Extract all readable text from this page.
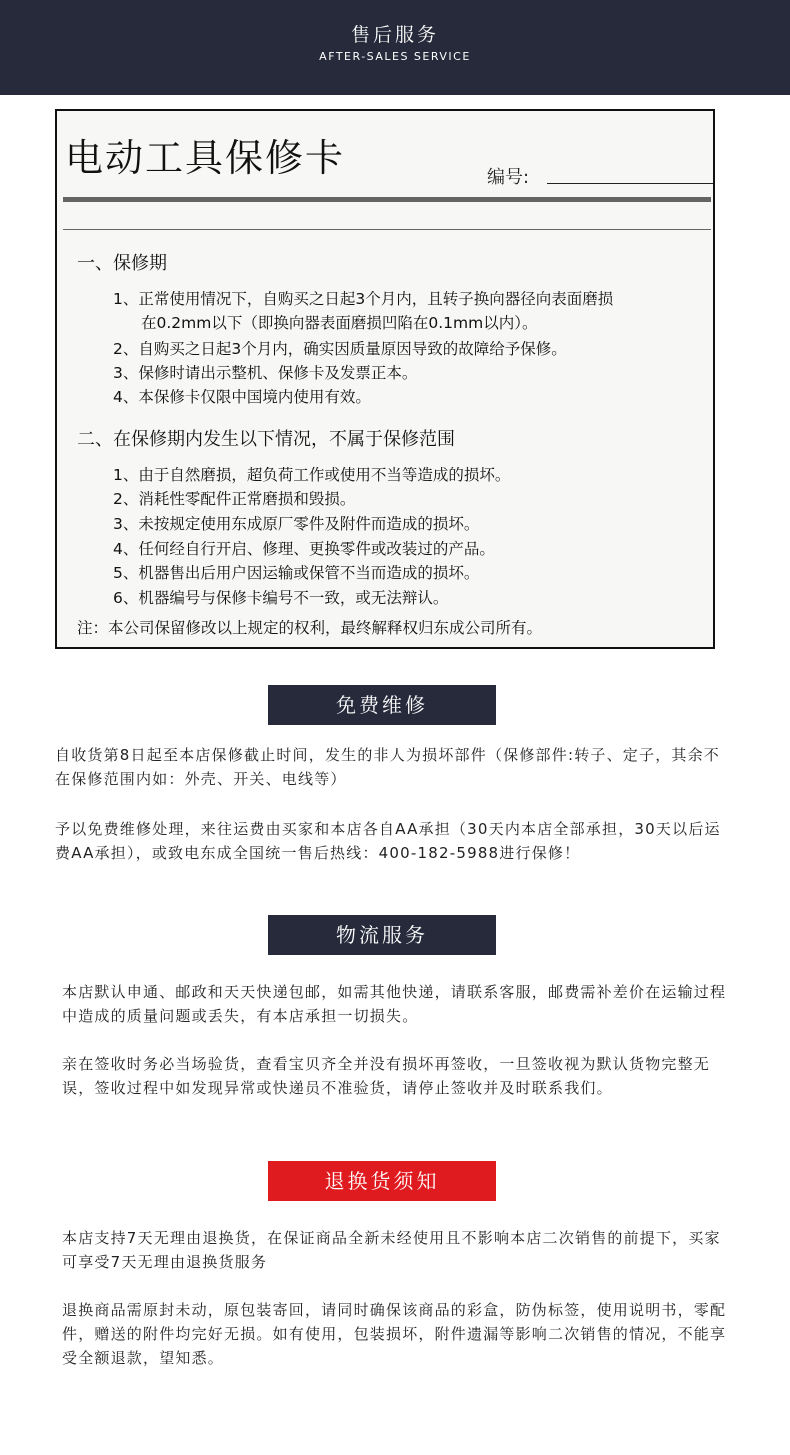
售后服务
AFTER-SALES SERVICE
电动工具保修卡	编号:
一、保修期
1、正常使用情况下，自购买之日起3个月内，且转子换向器径向表面磨损
在0.2mm以下（即换向器表面磨损凹陷在0.1mm以内）。
2、自购买之日起3个月内，确实因质量原因导致的故障给予保修。
3、保修时请出示整机、保修卡及发票正本。
4、本保修卡仅限中国境内使用有效。
二、在保修期内发生以下情况，不属于保修范围
1、由于自然磨损，超负荷工作或使用不当等造成的损坏。
2、消耗性零配件正常磨损和毁损。
3、未按规定使用东成原厂零件及附件而造成的损坏。
4、任何经自行开启、修理、更换零件或改装过的产品。
5、机器售出后用户因运输或保管不当而造成的损坏。
6、机器编号与保修卡编号不一致，或无法辩认。
注：本公司保留修改以上规定的权利，最终解释权归东成公司所有。
免费维修
自收货第8日起至本店保修截止时间，发生的非人为损坏部件（保修部件:转子、定子，其余不在保修范围内如：外壳、开关、电线等）
予以免费维修处理，来往运费由买家和本店各自AA承担（30天内本店全部承担，30天以后运费AA承担），或致电东成全国统一售后热线：400-182-5988进行保修！
物流服务
本店默认申通、邮政和天天快递包邮，如需其他快递，请联系客服，邮费需补差价在运输过程中造成的质量问题或丢失，有本店承担一切损失。
亲在签收时务必当场验货，查看宝贝齐全并没有损坏再签收，一旦签收视为默认货物完整无误，签收过程中如发现异常或快递员不准验货，请停止签收并及时联系我们。
退换货须知
本店支持7天无理由退换货，在保证商品全新未经使用且不影响本店二次销售的前提下，买家可享受7天无理由退换货服务
退换商品需原封未动，原包装寄回，请同时确保该商品的彩盒，防伪标签，使用说明书，零配件，赠送的附件均完好无损。如有使用，包装损坏，附件遗漏等影响二次销售的情况，不能享受全额退款，望知悉。
